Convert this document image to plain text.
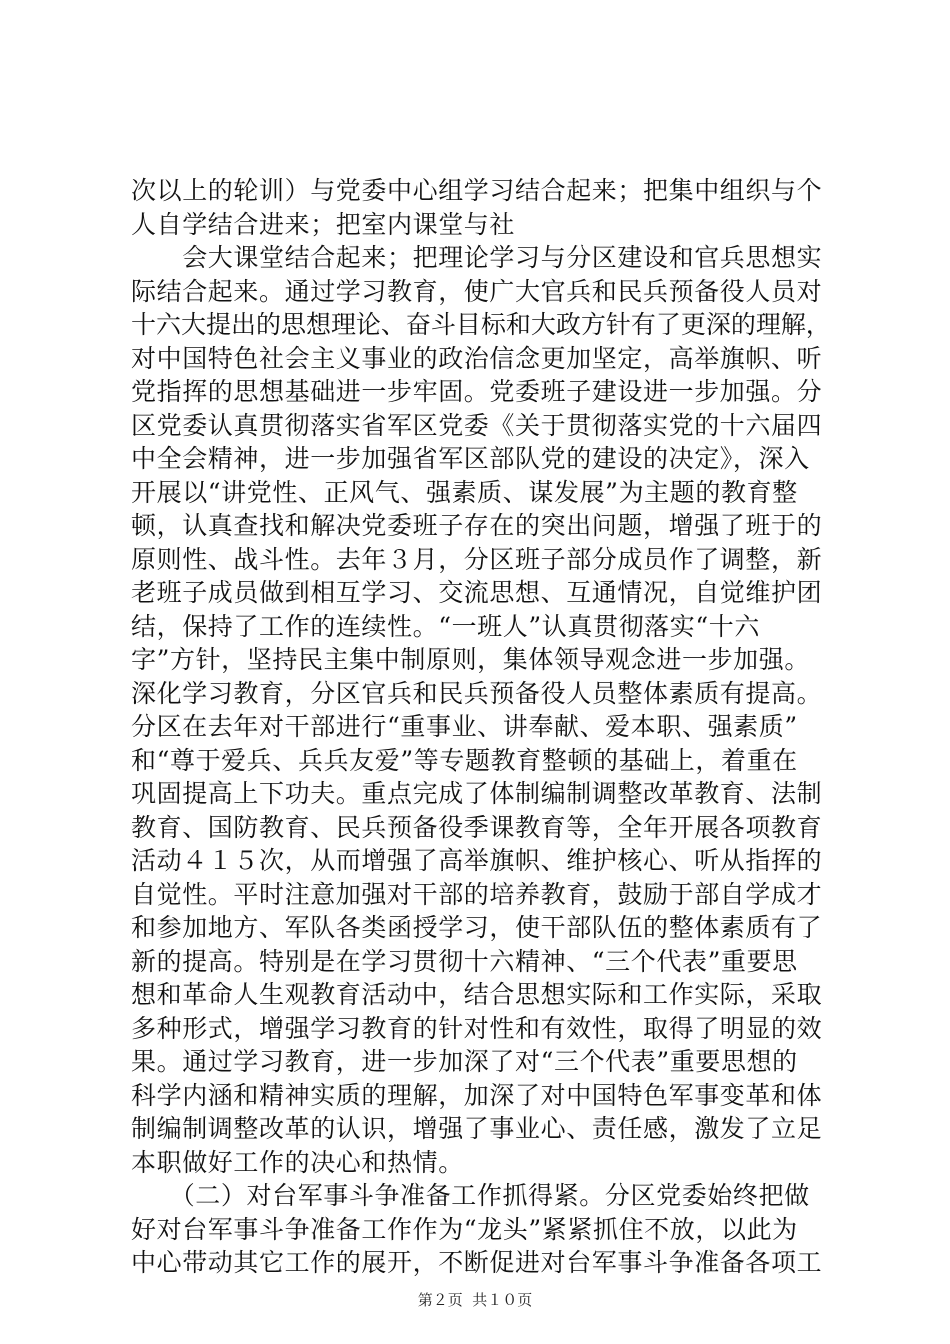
次以上的轮训）与党委中心组学习结合起来；把集中组织与个
人自学结合进来；把室内课堂与社
　　会大课堂结合起来；把理论学习与分区建设和官兵思想实
际结合起来。通过学习教育，使广大官兵和民兵预备役人员对
十六大提出的思想理论、奋斗目标和大政方针有了更深的理解，
对中国特色社会主义事业的政治信念更加坚定，高举旗帜、听
党指挥的思想基础进一步牢固。党委班子建设进一步加强。分
区党委认真贯彻落实省军区党委《关于贯彻落实党的十六届四
中全会精神，进一步加强省军区部队党的建设的决定》，深入
开展以“讲党性、正风气、强素质、谋发展”为主题的教育整
顿，认真查找和解决党委班子存在的突出问题，增强了班于的
原则性、战斗性。去年３月，分区班子部分成员作了调整，新
老班子成员做到相互学习、交流思想、互通情况，自觉维护团
结，保持了工作的连续性。“一班人”认真贯彻落实“十六
字”方针，坚持民主集中制原则，集体领导观念进一步加强。
深化学习教育，分区官兵和民兵预备役人员整体素质有提高。
分区在去年对干部进行“重事业、讲奉献、爱本职、强素质”
和“尊于爱兵、兵兵友爱”等专题教育整顿的基础上，着重在
巩固提高上下功夫。重点完成了体制编制调整改革教育、法制
教育、国防教育、民兵预备役季课教育等，全年开展各项教育
活动４１５次，从而增强了高举旗帜、维护核心、听从指挥的
自觉性。平时注意加强对干部的培养教育，鼓励于部自学成才
和参加地方、军队各类函授学习，使干部队伍的整体素质有了
新的提高。特别是在学习贯彻十六精神、“三个代表”重要思
想和革命人生观教育活动中，结合思想实际和工作实际，采取
多种形式，增强学习教育的针对性和有效性，取得了明显的效
果。通过学习教育，进一步加深了对“三个代表”重要思想的
科学内涵和精神实质的理解，加深了对中国特色军事变革和体
制编制调整改革的认识，增强了事业心、责任感，激发了立足
本职做好工作的决心和热情。
　　（二）对台军事斗争准备工作抓得紧。分区党委始终把做
好对台军事斗争准备工作作为“龙头”紧紧抓住不放，以此为
中心带动其它工作的展开，不断促进对台军事斗争准备各项工
第２页  共１０页
